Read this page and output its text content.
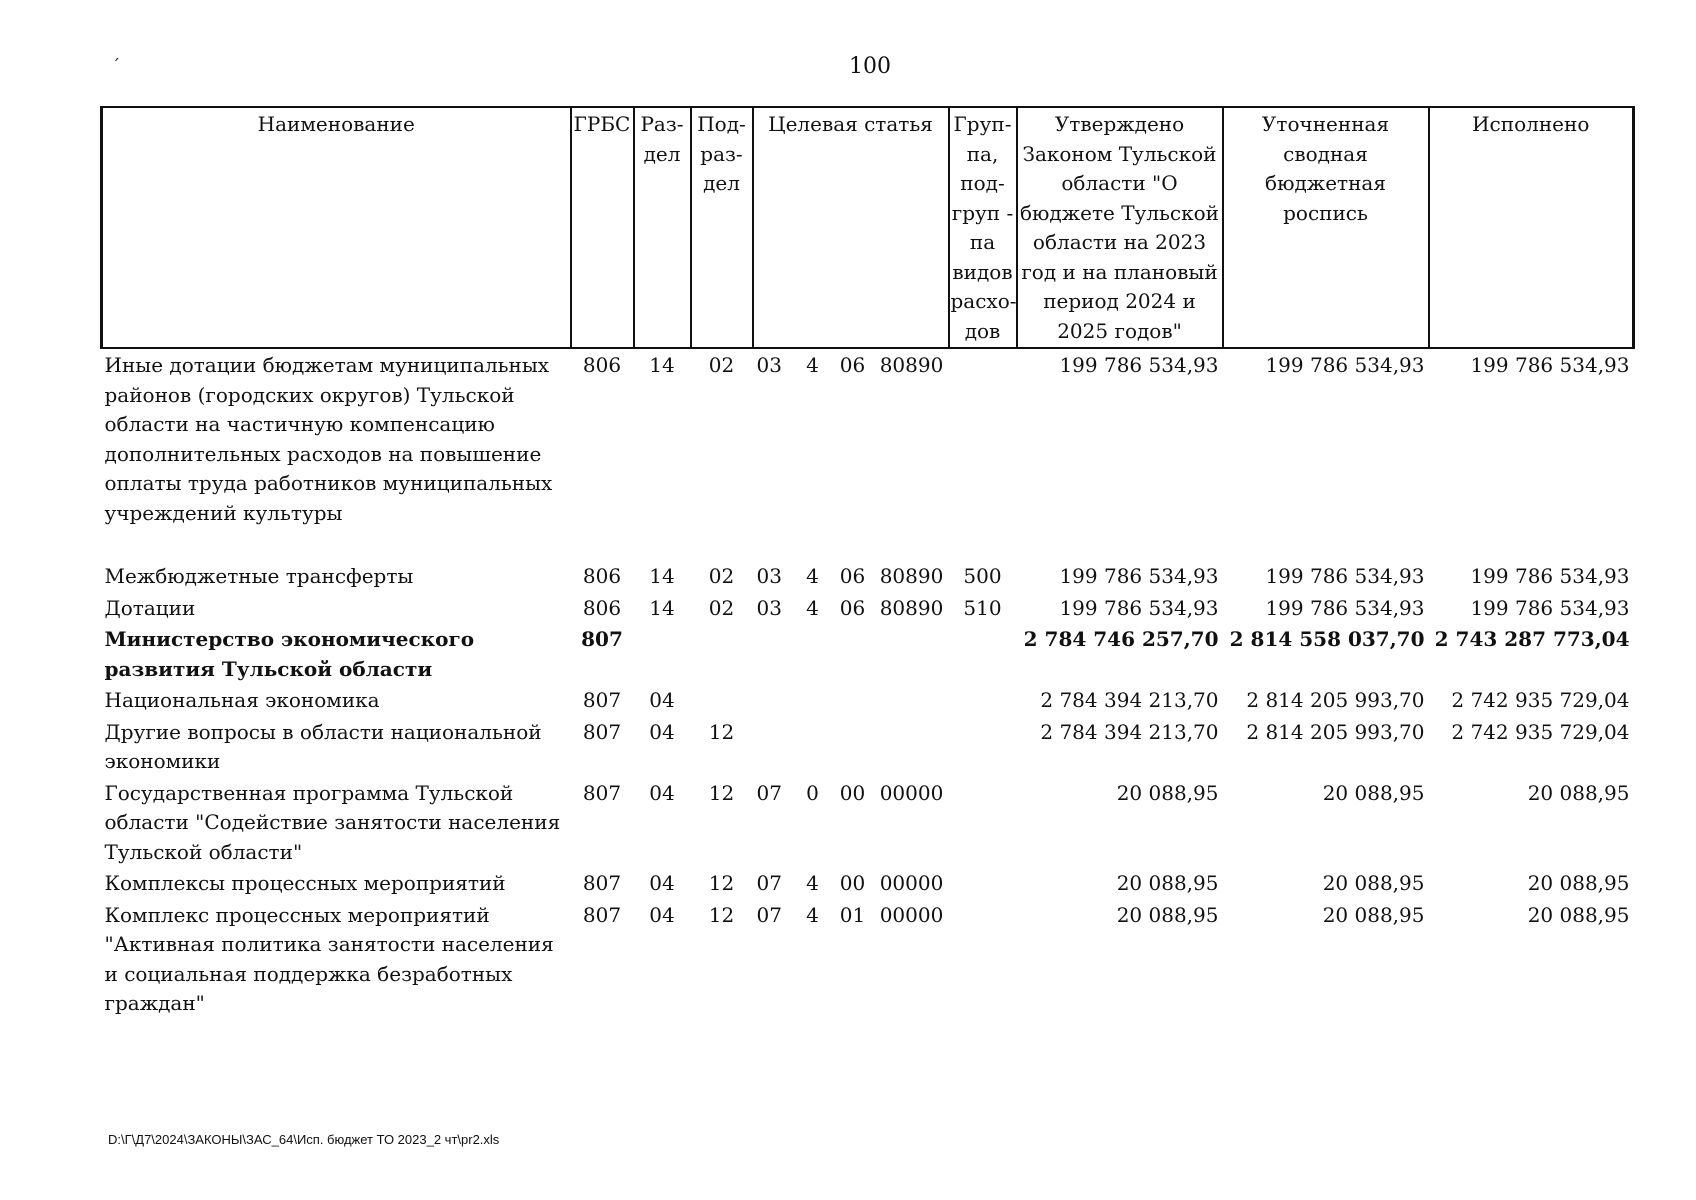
´	100
Наименование	ГРБС	Раз- дел	Под- раз- дел	Целевая статья	Груп- па, под- груп - па видов расхо- дов	Утверждено Законом Тульской области "О бюджете Тульской области на 2023 год и на плановый период 2024 и 2025 годов"	Уточненная сводная бюджетная роспись	Исполнено
Иные дотации бюджетам муниципальных районов (городских округов) Тульской области на частичную компенсацию дополнительных расходов на повышение оплаты труда работников муниципальных учреждений культуры	806	14	02	03 4 06 80890		199 786 534,93	199 786 534,93	199 786 534,93

Межбюджетные трансферты	806	14	02	03 4 06 80890	500	199 786 534,93	199 786 534,93	199 786 534,93
Дотации	806	14	02	03 4 06 80890	510	199 786 534,93	199 786 534,93	199 786 534,93
Министерство экономического развития Тульской области	807					2 784 746 257,70	2 814 558 037,70	2 743 287 773,04
Национальная экономика	807	04				2 784 394 213,70	2 814 205 993,70	2 742 935 729,04
Другие вопросы в области национальной экономики	807	04	12			2 784 394 213,70	2 814 205 993,70	2 742 935 729,04
Государственная программа Тульской области "Содействие занятости населения Тульской области"	807	04	12	07 0 00 00000		20 088,95	20 088,95	20 088,95
Комплексы процессных мероприятий	807	04	12	07 4 00 00000		20 088,95	20 088,95	20 088,95
Комплекс процессных мероприятий "Активная политика занятости населения и социальная поддержка безработных граждан"	807	04	12	07 4 01 00000		20 088,95	20 088,95	20 088,95
D:\Г\Д7\2024\ЗАКОНЫ\ЗАС_64\Исп. бюджет ТО 2023_2 чт\pr2.xls
